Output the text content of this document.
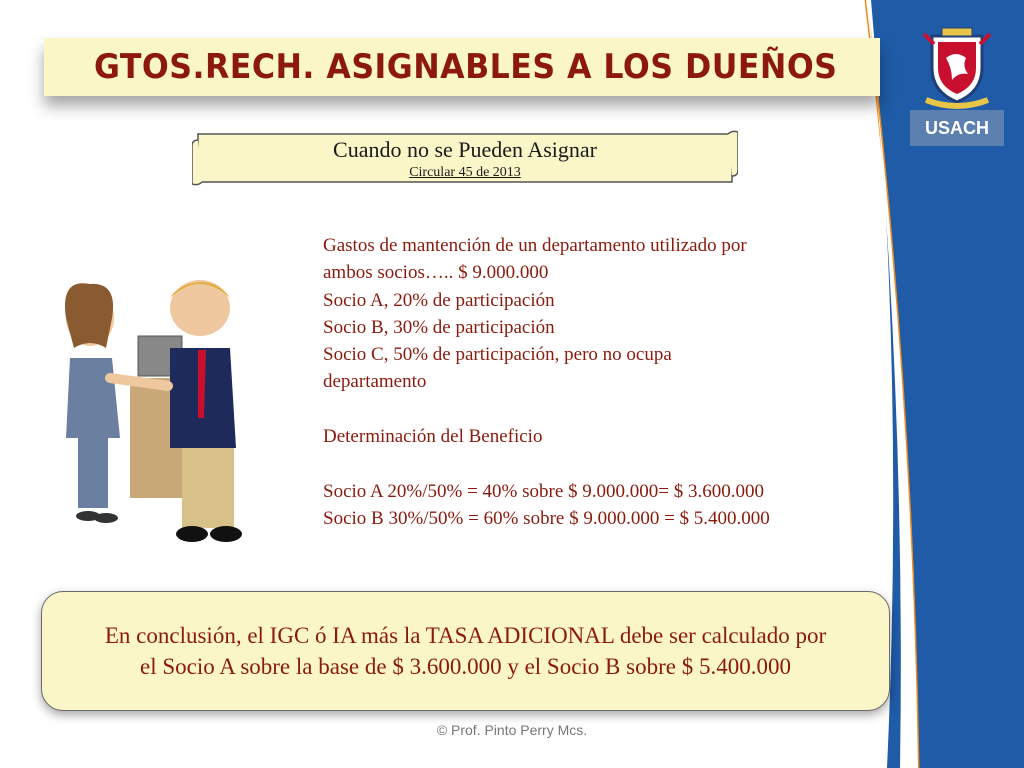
GTOS.RECH. ASIGNABLES A LOS DUEÑOS
USACH
Cuando no se Pueden Asignar
Circular 45 de 2013
Gastos de mantención de un departamento utilizado por
ambos socios….. $ 9.000.000
Socio A, 20% de participación
Socio B, 30% de participación
Socio C, 50% de participación, pero no ocupa
departamento
Determinación del Beneficio
Socio A 20%/50% = 40% sobre $ 9.000.000= $ 3.600.000
Socio B 30%/50% = 60% sobre $ 9.000.000 = $ 5.400.000
En conclusión, el IGC ó IA más la TASA ADICIONAL debe ser calculado por
el Socio A sobre la base de $ 3.600.000 y el Socio B sobre $ 5.400.000
© Prof. Pinto Perry Mcs.
